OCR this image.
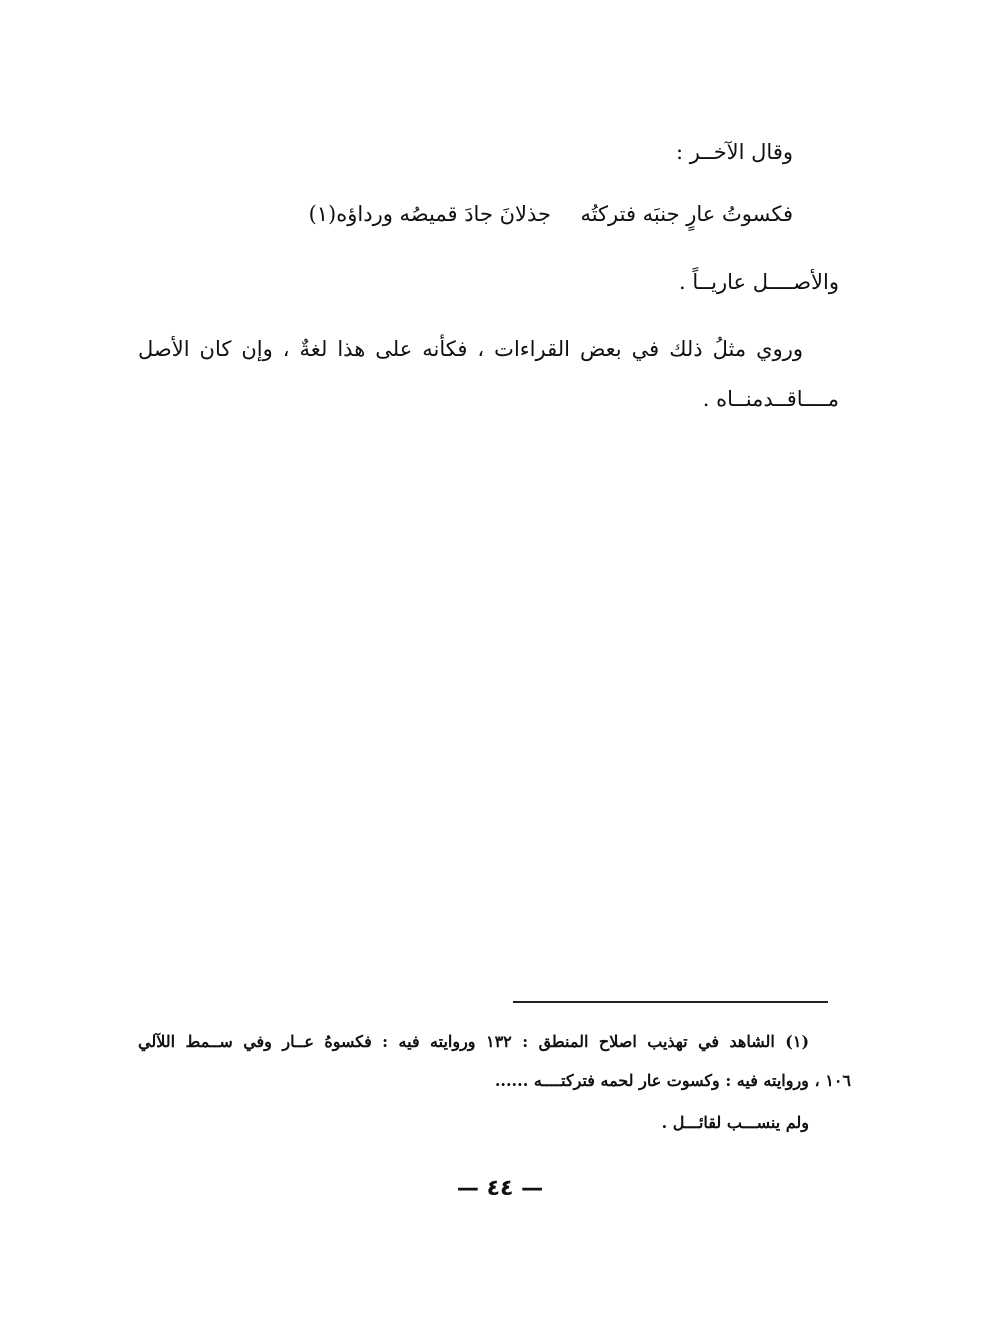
وقال الآخــر :
فكسوتُ عارٍ جنبَه فتركتُه
جذلانَ جادَ قميصُه ورداؤه(١)
والأصــــل عاريــاً .
وروي مثلُ ذلك في بعض القراءات ، فكأنه على هذا لغةٌ ، وإن كان الأصل
مــــاقــدمنــاه .
(١) الشاهد في تهذيب اصلاح المنطق : ١٣٢ وروايته فيه : فكسوهُ عــار وفي ســمط اللآلي
١٠٦ ، وروايته فيه : وكسوت عار لحمه فتركتــــه ......
ولم ينســـب لقائـــل .
— ٤٤ —
